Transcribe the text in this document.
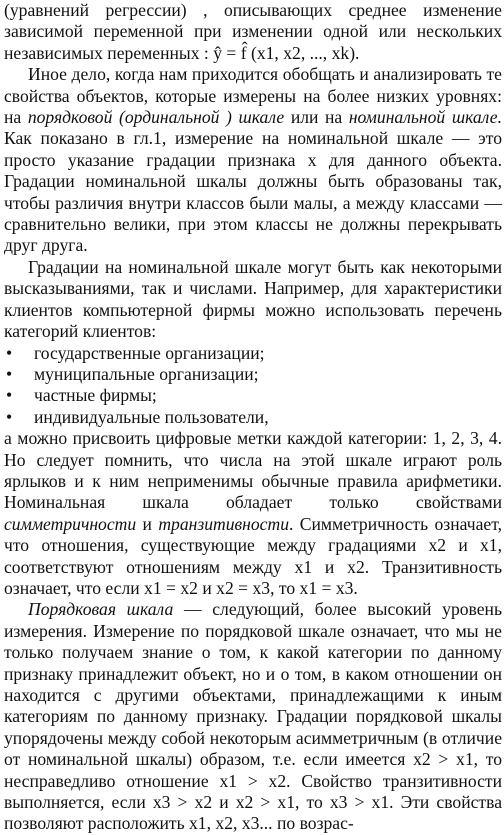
(уравнений регрессии) , описывающих среднее изменение зависимой переменной при изменении одной или нескольких независимых переменных : ŷ = f̂ (x1, x2, ..., xk).

Иное дело, когда нам приходится обобщать и анализировать те свойства объектов, которые измерены на более низких уровнях: на порядковой (ординальной ) шкале или на номинальной шкале. Как показано в гл.1, измерение на номинальной шкале — это просто указание градации признака x для данного объекта. Градации номинальной шкалы должны быть образованы так, чтобы различия внутри классов были малы, а между классами — сравнительно велики, при этом классы не должны перекрывать друг друга.

Градации на номинальной шкале могут быть как некоторыми высказываниями, так и числами. Например, для характеристики клиентов компьютерной фирмы можно использовать перечень категорий клиентов:

• государственные организации;
• муниципальные организации;
• частные фирмы;
• индивидуальные пользователи,

а можно присвоить цифровые метки каждой категории: 1, 2, 3, 4. Но следует помнить, что числа на этой шкале играют роль ярлыков и к ним неприменимы обычные правила арифметики. Номинальная шкала обладает только свойствами симметричности и транзитивности. Симметричность означает, что отношения, существующие между градациями x2 и x1, соответствуют отношениям между x1 и x2. Транзитивность означает, что если x1 = x2 и x2 = x3, то x1 = x3.

Порядковая шкала — следующий, более высокий уровень измерения. Измерение по порядковой шкале означает, что мы не только получаем знание о том, к какой категории по данному признаку принадлежит объект, но и о том, в каком отношении он находится с другими объектами, принадлежащими к иным категориям по данному признаку. Градации порядковой шкалы упорядочены между собой некоторым асимметричным (в отличие от номинальной шкалы) образом, т.е. если имеется x2 > x1, то несправедливо отношение x1 > x2. Свойство транзитивности выполняется, если x3 > x2 и x2 > x1, то x3 > x1. Эти свойства позволяют расположить x1, x2, x3... по возрас-
